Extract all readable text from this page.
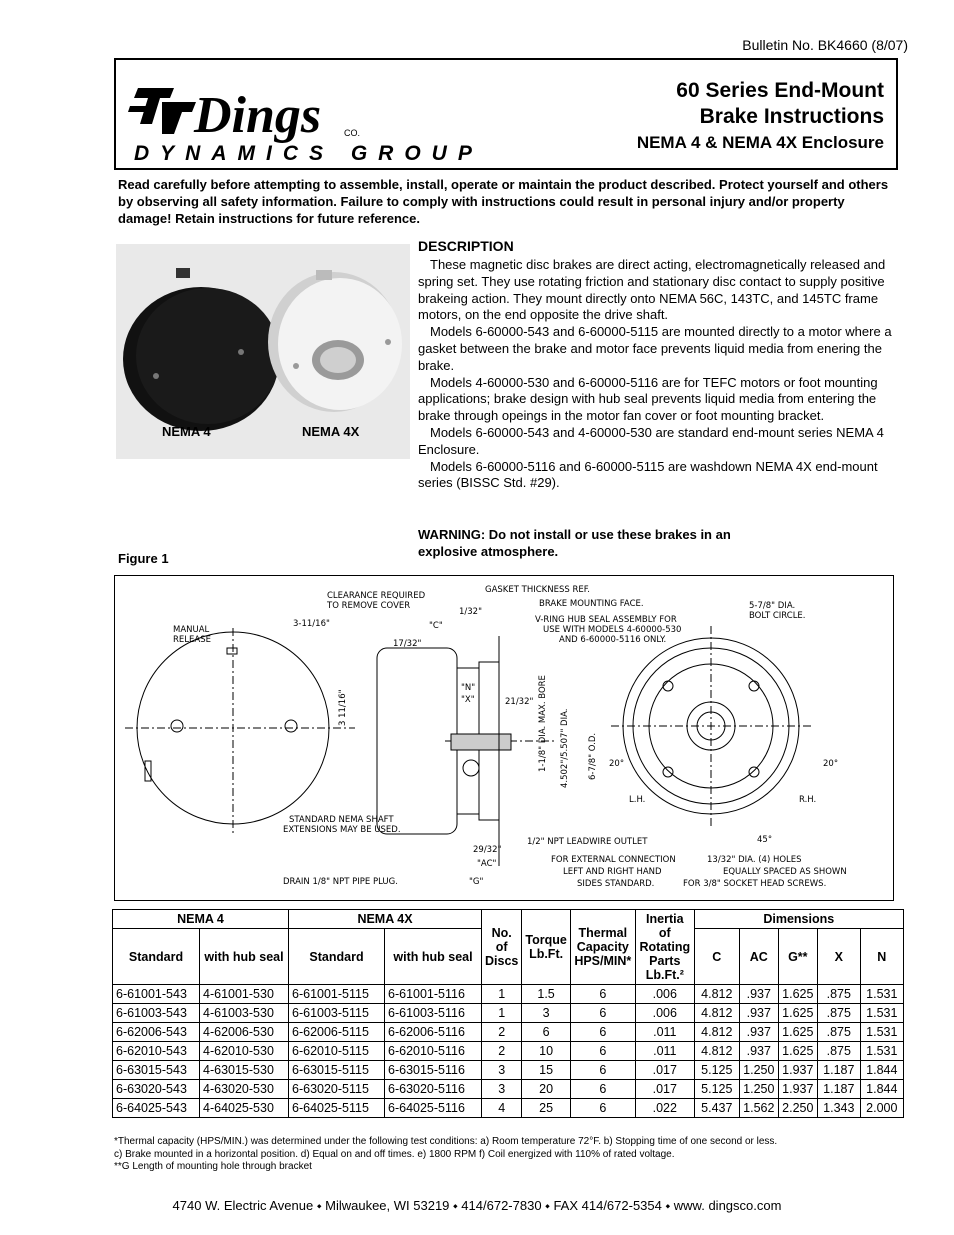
Bulletin No. BK4660 (8/07)
Dings	CO.
DYNAMICS GROUP
60 Series End-Mount
Brake Instructions
NEMA 4 & NEMA 4X Enclosure
Read carefully before attempting to assemble, install, operate or maintain the product described. Protect yourself and others by observing all safety information. Failure to comply with instructions could result in personal injury and/or property damage! Retain instructions for future reference.
NEMA 4	NEMA 4X
DESCRIPTION

These magnetic disc brakes are direct acting, electromagnetically released and spring set. They use rotating friction and stationary disc contact to supply positive brakeing action. They mount directly onto NEMA 56C, 143TC, and 145TC frame motors, on the end opposite the drive shaft.

Models 6-60000-543 and 6-60000-5115 are mounted directly to a motor where a gasket between the brake and motor face prevents liquid media from enering the brake.

Models 4-60000-530 and 6-60000-5116 are for TEFC motors or foot mounting applications; brake design with hub seal prevents liquid media from entering the brake through opeings in the motor fan cover or foot mounting bracket.

Models 6-60000-543 and 4-60000-530 are standard end-mount series NEMA 4 Enclosure.

Models 6-60000-5116 and 6-60000-5115 are washdown NEMA 4X end-mount series (BISSC Std. #29).

WARNING: Do not install or use these brakes in an explosive atmosphere.
Figure 1
CLEARANCE REQUIRED
TO REMOVE COVER
GASKET THICKNESS REF.
BRAKE MOUNTING FACE.
V-RING HUB SEAL ASSEMBLY FOR
USE WITH MODELS 4-60000-530
AND 6-60000-5116 ONLY.
MANUAL
RELEASE
3-11/16"	"C"
17/32"
1/32"
"N"
"X"	21/32"
3 11/16"	1-1/8" DIA. MAX. BORE 4.502"/5.507" DIA. 6-7/8" O.D.
5-7/8" DIA.
BOLT CIRCLE.
20°	20°
L.H.	R.H.
45°
STANDARD NEMA SHAFT
EXTENSIONS MAY BE USED.
DRAIN 1/8" NPT PIPE PLUG.
29/32"
"AC"
"G"
1/2" NPT LEADWIRE OUTLET
FOR EXTERNAL CONNECTION
LEFT AND RIGHT HAND
SIDES STANDARD.
13/32" DIA. (4) HOLES
EQUALLY SPACED AS SHOWN
FOR 3/8" SOCKET HEAD SCREWS.
NEMA 4		NEMA 4X		No. of Discs	Torque Lb.Ft.	Thermal Capacity HPS/MIN*	Inertia of Rotating Parts Lb.Ft.²	Dimensions				
Standard	with hub seal	Standard	with hub seal					C	AC	G**	X	N
6-61001-543	4-61001-530	6-61001-5115	6-61001-5116	1	1.5	6	.006	4.812	.937	1.625	.875	1.531
6-61003-543	4-61003-530	6-61003-5115	6-61003-5116	1	3	6	.006	4.812	.937	1.625	.875	1.531
6-62006-543	4-62006-530	6-62006-5115	6-62006-5116	2	6	6	.011	4.812	.937	1.625	.875	1.531
6-62010-543	4-62010-530	6-62010-5115	6-62010-5116	2	10	6	.011	4.812	.937	1.625	.875	1.531
6-63015-543	4-63015-530	6-63015-5115	6-63015-5116	3	15	6	.017	5.125	1.250	1.937	1.187	1.844
6-63020-543	4-63020-530	6-63020-5115	6-63020-5116	3	20	6	.017	5.125	1.250	1.937	1.187	1.844
6-64025-543	4-64025-530	6-64025-5115	6-64025-5116	4	25	6	.022	5.437	1.562	2.250	1.343	2.000
*Thermal capacity (HPS/MIN.) was determined under the following test conditions: a) Room temperature 72°F. b) Stopping time of one second or less.
c) Brake mounted in a horizontal position. d) Equal on and off times. e) 1800 RPM f) Coil energized with 110% of rated voltage.
**G Length of mounting hole through bracket
4740 W. Electric Avenue ⬩ Milwaukee, WI 53219 ⬩ 414/672-7830 ⬩ FAX 414/672-5354 ⬩ www. dingsco.com
